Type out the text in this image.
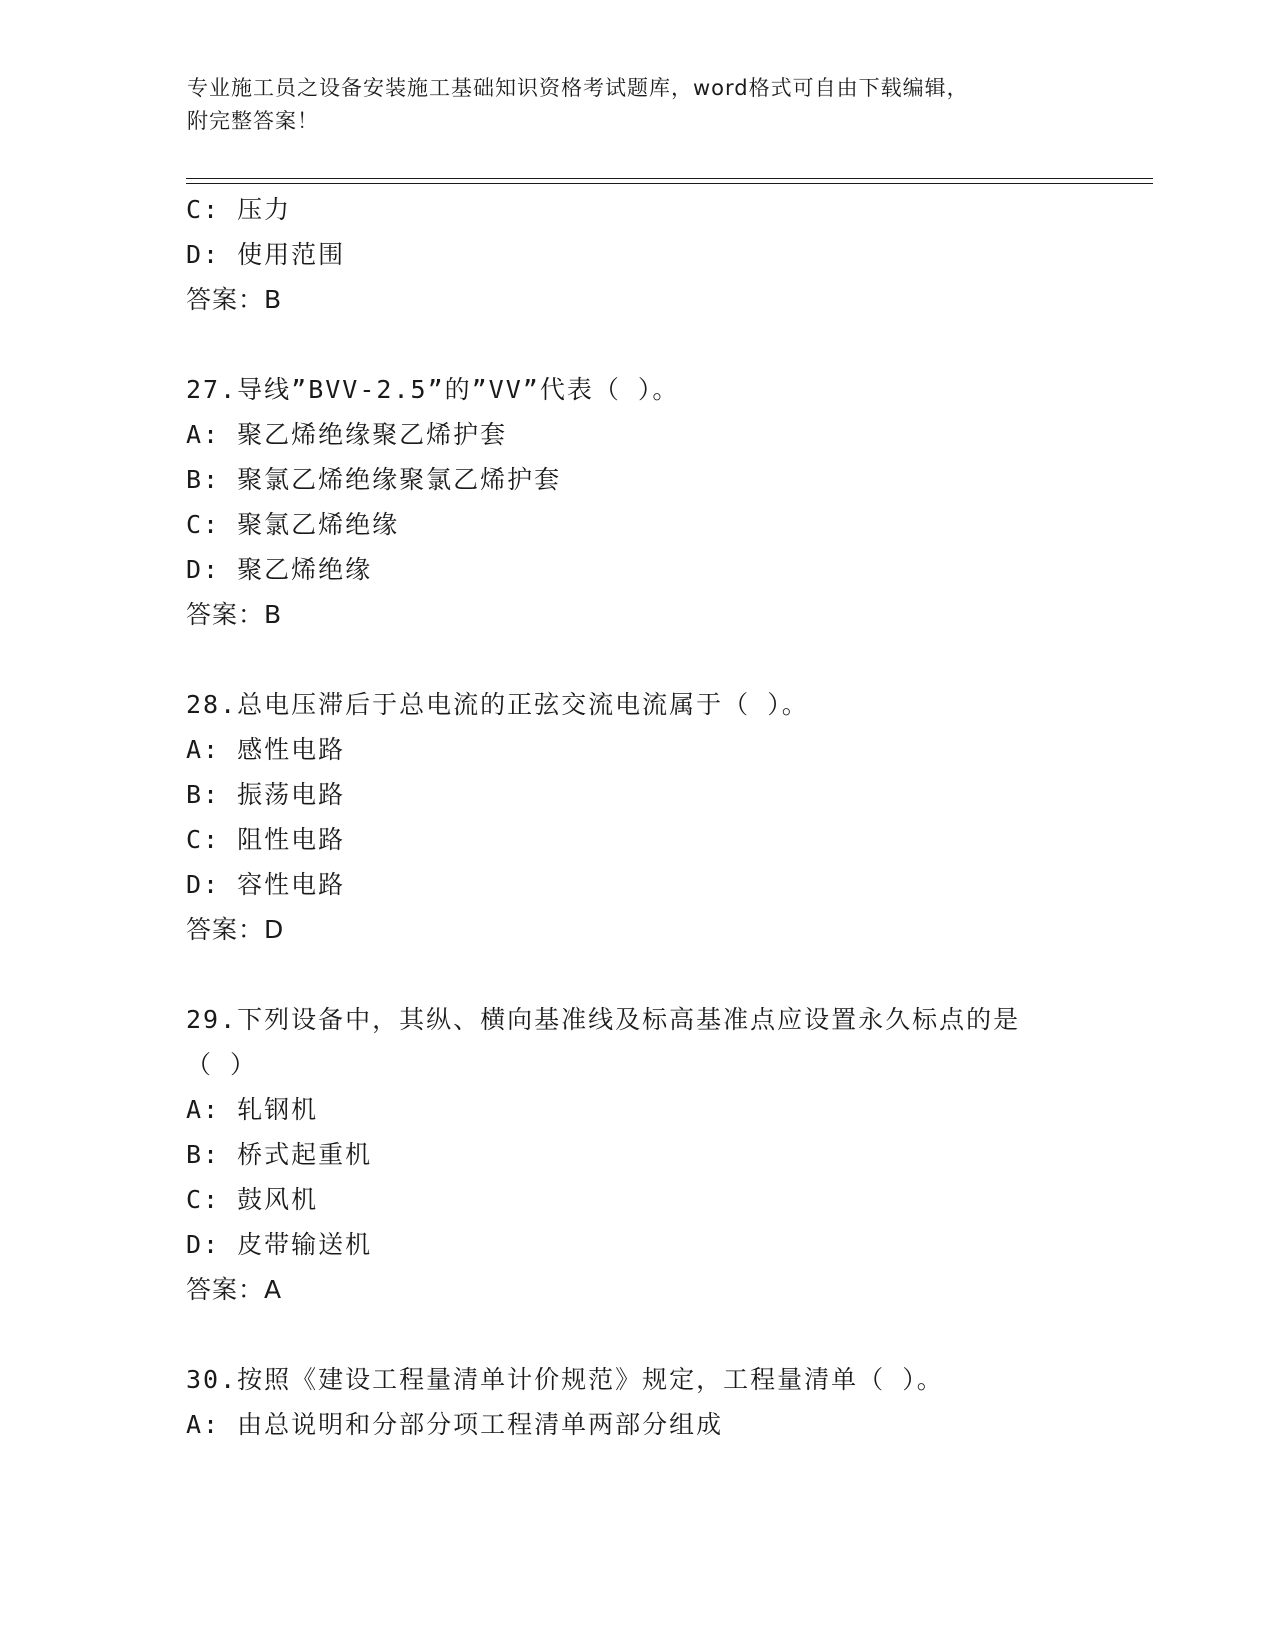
专业施工员之设备安装施工基础知识资格考试题库，word格式可自由下载编辑，
附完整答案！
C: 压力
D: 使用范围
答案：B
27.导线”BVV-2.5”的”VV”代表（ ）。
A: 聚乙烯绝缘聚乙烯护套
B: 聚氯乙烯绝缘聚氯乙烯护套
C: 聚氯乙烯绝缘
D: 聚乙烯绝缘
答案：B
28.总电压滞后于总电流的正弦交流电流属于（ ）。
A: 感性电路
B: 振荡电路
C: 阻性电路
D: 容性电路
答案：D
29.下列设备中，其纵、横向基准线及标高基准点应设置永久标点的是
（ ）
A: 轧钢机
B: 桥式起重机
C: 鼓风机
D: 皮带输送机
答案：A
30.按照《建设工程量清单计价规范》规定，工程量清单（ ）。
A: 由总说明和分部分项工程清单两部分组成
